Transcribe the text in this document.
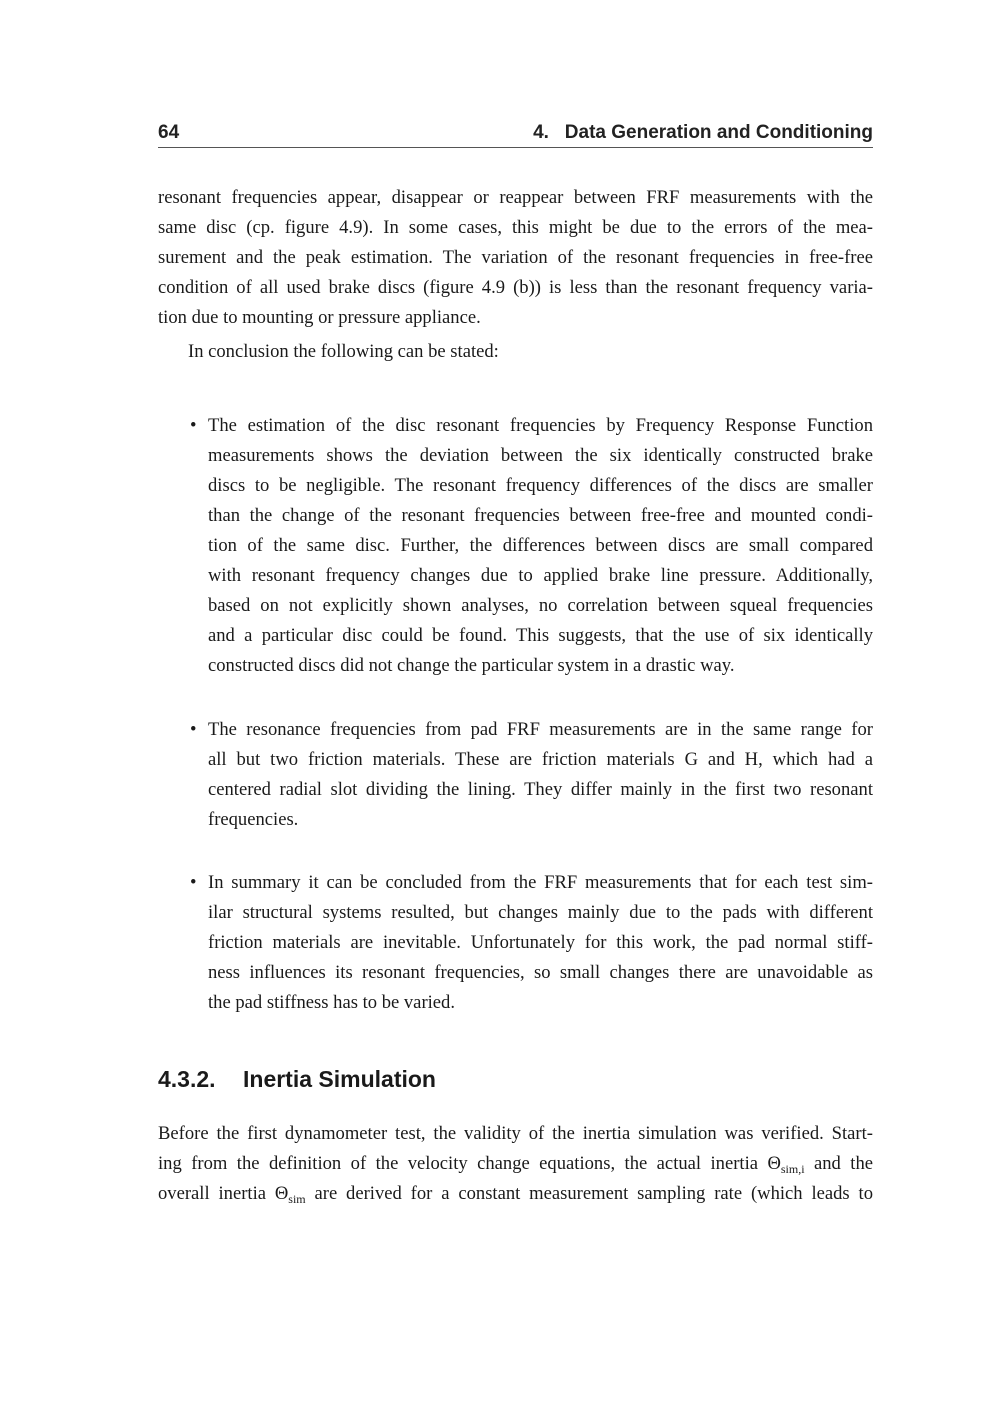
64	4.   Data Generation and Conditioning
resonant frequencies appear, disappear or reappear between FRF measurements with the
same disc (cp. figure 4.9). In some cases, this might be due to the errors of the mea-
surement and the peak estimation. The variation of the resonant frequencies in free-free
condition of all used brake discs (figure 4.9 (b)) is less than the resonant frequency varia-
tion due to mounting or pressure appliance.
In conclusion the following can be stated:
• The estimation of the disc resonant frequencies by Frequency Response Function
measurements shows the deviation between the six identically constructed brake
discs to be negligible. The resonant frequency differences of the discs are smaller
than the change of the resonant frequencies between free-free and mounted condi-
tion of the same disc. Further, the differences between discs are small compared
with resonant frequency changes due to applied brake line pressure. Additionally,
based on not explicitly shown analyses, no correlation between squeal frequencies
and a particular disc could be found. This suggests, that the use of six identically
constructed discs did not change the particular system in a drastic way.
• The resonance frequencies from pad FRF measurements are in the same range for
all but two friction materials. These are friction materials G and H, which had a
centered radial slot dividing the lining. They differ mainly in the first two resonant
frequencies.
• In summary it can be concluded from the FRF measurements that for each test sim-
ilar structural systems resulted, but changes mainly due to the pads with different
friction materials are inevitable. Unfortunately for this work, the pad normal stiff-
ness influences its resonant frequencies, so small changes there are unavoidable as
the pad stiffness has to be varied.
4.3.2. Inertia Simulation
Before the first dynamometer test, the validity of the inertia simulation was verified. Start-
ing from the definition of the velocity change equations, the actual inertia $\Theta_{sim,i}$ and the
overall inertia $\Theta_{sim}$ are derived for a constant measurement sampling rate (which leads to
